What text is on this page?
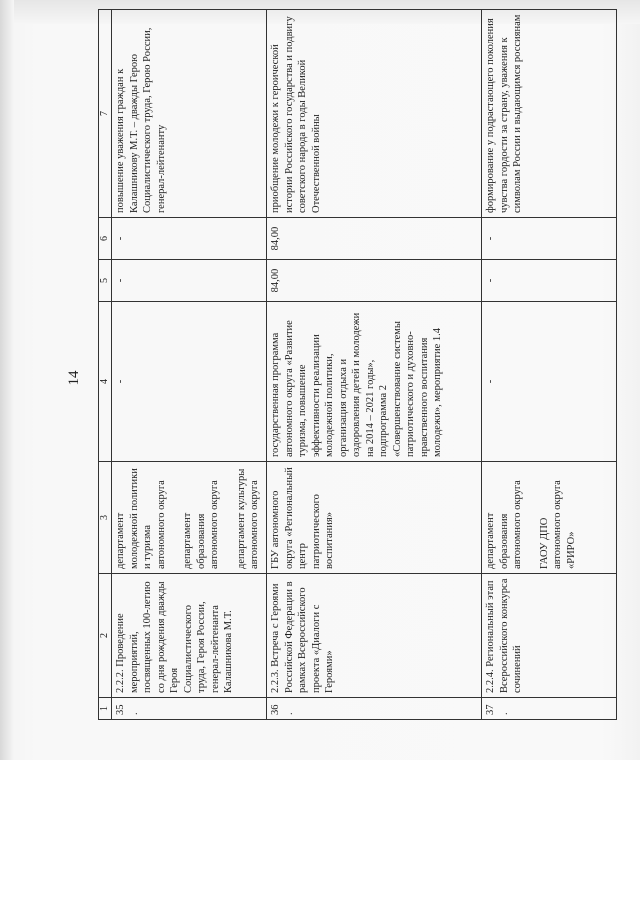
14
1	2	3	4	5	6	7
35.	2.2.2. Проведение мероприятий, посвященных 100-летию со дня рождения дважды Героя Социалистического труда, Героя России, генерал-лейтенанта Калашникова М.Т.	департамент молодежной политики и туризма автономного округа департамент образования автономного округа департамент культуры автономного округа	-	-	-	повышение уважения граждан к Калашникову М.Т. – дважды Герою Социалистического труда, Герою России, генерал-лейтенанту
36.	2.2.3. Встреча с Героями Российской Федерации в рамках Всероссийского проекта «Диалоги с Героями»	ГБУ автономного округа «Региональный центр патриотического воспитания»	государственная программа автономного округа «Развитие туризма, повышение эффективности реализации молодежной политики, организация отдыха и оздоровления детей и молодежи на 2014 – 2021 годы», подпрограмма 2 «Совершенствование системы патриотического и духовно-нравственного воспитания молодежи», мероприятие 1.4	84,00	84,00	приобщение молодежи к героической истории Российского государства и подвигу советского народа в годы Великой Отечественной войны
37.	2.2.4. Региональный этап Всероссийского конкурса сочинений	департамент образования автономного округа ГАОУ ДПО автономного округа «РИРО»	-	-	-	формирование у подрастающего поколения чувства гордости за страну, уважения к символам России и выдающимся россиянам
